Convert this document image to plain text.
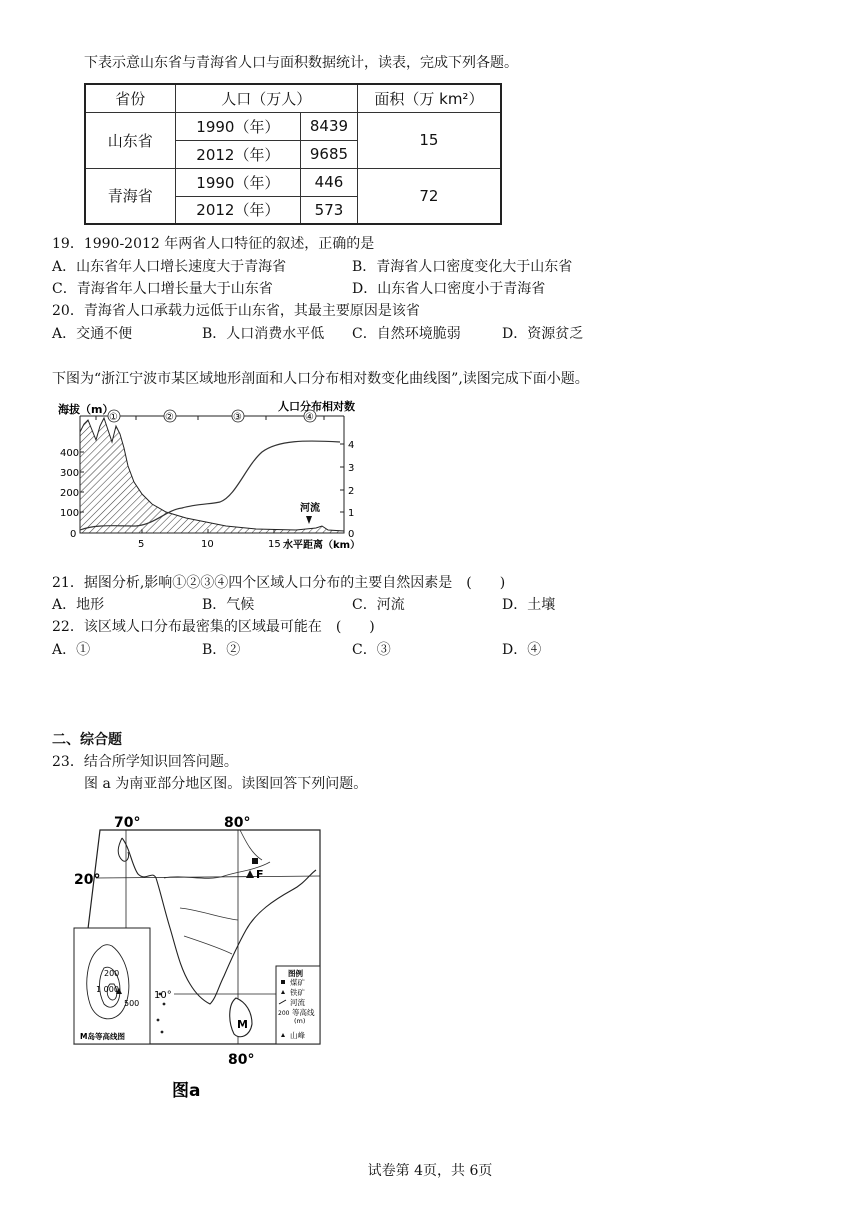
下表示意山东省与青海省人口与面积数据统计，读表，完成下列各题。
省份	人口（万人）		面积（万 km²）
山东省	1990（年）	8439	15
	2012（年）	9685	
青海省	1990（年）	446	72
	2012（年）	573	
19．1990-2012 年两省人口特征的叙述，正确的是
A．山东省年人口增长速度大于青海省	B．青海省人口密度变化大于山东省
C．青海省年人口增长量大于山东省	D．山东省人口密度小于青海省
20．青海省人口承载力远低于山东省，其最主要原因是该省
A．交通不便	B．人口消费水平低 C．自然环境脆弱	D．资源贫乏
下图为“浙江宁波市某区域地形剖面和人口分布相对数变化曲线图”,读图完成下面小题。
海拔（m）	人口分布相对数
400
300
200
100
0
4
3
2
1
0
5	10	15 水平距离（km）
①	②	③	④
河流
21．据图分析,影响①②③④四个区域人口分布的主要自然因素是　(　　)
A．地形	B．气候	C．河流	D．土壤
22．该区域人口分布最密集的区域最可能在　(　　)
A．①	B．②	C．③	D．④
二、综合题
23．结合所学知识回答问题。
图 a 为南亚部分地区图。读图回答下列问题。
M
F
200
1 000
500
M岛等高线图
图例
煤矿
铁矿
河流
200 等高线
(m)
山峰
70°	80°
20°
10°
80°
图a
试卷第 4页，共 6页
